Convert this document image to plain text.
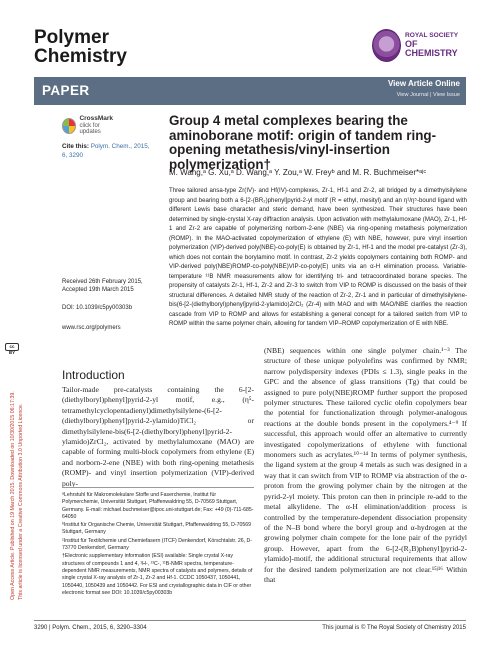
Polymer
Chemistry
ROYAL SOCIETY
OF CHEMISTRY
PAPER	View Article Online
View Journal | View Issue
Open Access Article. Published on 19 March 2015. Downloaded on 10/30/2015 06:17:39. This article is licensed under a Creative Commons Attribution 3.0 Unported Licence.
cc BY
CrossMark
click for updates
Cite this: Polym. Chem., 2015, 6, 3290
Group 4 metal complexes bearing the aminoborane motif: origin of tandem ring-opening metathesis/vinyl-insertion polymerization†
M. Wang,ᵃ G. Xu,ᵃ D. Wang,ᵃ Y. Zou,ᵃ W. Freyᵇ and M. R. Buchmeiser*ᵃʲᶜ
Three tailored ansa-type Zr(IV)- and Hf(IV)-complexes, Zr-1, Hf-1 and Zr-2, all bridged by a dimethylsilylene group and bearing both a 6-[2-(BR₂)phenyl]pyrid-2-yl motif (R = ethyl, mesityl) and an η¹/η⁵-bound ligand with different Lewis base character and steric demand, have been synthesized. Their structures have been determined by single-crystal X-ray diffraction analysis. Upon activation with methylalumoxane (MAO), Zr-1, Hf-1 and Zr-2 are capable of polymerizing norborn-2-ene (NBE) via ring-opening metathesis polymerization (ROMP). In the MAO-activated copolymerization of ethylene (E) with NBE, however, pure vinyl insertion polymerization (VIP)-derived poly(NBE)-co-poly(E) is obtained by Zr-1, Hf-1 and the model pre-catalyst (Zr-3), which does not contain the borylamino motif. In contrast, Zr-2 yields copolymers containing both ROMP- and VIP-derived poly(NBE)ROMP-co-poly(NBE)VIP-co-poly(E) units via an α-H elimination process. Variable-temperature ¹¹B NMR measurements allow for identifying tri- and tetracoordinated borane species. The propensity of catalysts Zr-1, Hf-1, Zr-2 and Zr-3 to switch from VIP to ROMP is discussed on the basis of their structural differences. A detailed NMR study of the reaction of Zr-2, Zr-1 and in particular of dimethylsilylene-bis(6-[2-(diethylboryl)phenyl]pyrid-2-ylamido)ZrCl₂ (Zr-4) with MAO and with MAO/NBE clarifies the reaction cascade from VIP to ROMP and allows for establishing a general concept for a tailored switch from VIP to ROMP within the same polymer chain, allowing for tandem VIP–ROMP copolymerization of E with NBE.
Received 26th February 2015, Accepted 19th March 2015
DOI: 10.1039/c5py00303b
www.rsc.org/polymers
Introduction
Tailor-made pre-catalysts containing the 6-[2-(diethylboryl)phenyl]pyrid-2-yl motif, e.g., (η⁵-tetramethylcyclopentadienyl)dimethylsilylene-(6-[2-(diethylboryl)phenyl]pyrid-2-ylamido)TiCl₂ or dimethylsilylene-bis(6-[2-(diethylboryl)phenyl]pyrid-2-ylamido)ZrCl₂, activated by methylalumoxane (MAO) are capable of forming multi-block copolymers from ethylene (E) and norborn-2-ene (NBE) with both ring-opening metathesis (ROMP)- and vinyl insertion polymerization (VIP)-derived poly-
(NBE) sequences within one single polymer chain.¹⁻³ The structure of these unique polyolefins was confirmed by NMR; narrow polydispersity indexes (PDIs ≤ 1.3), single peaks in the GPC and the absence of glass transitions (Tg) that could be assigned to pure poly(NBE)ROMP further support the proposed polymer structures. These tailored cyclic olefin copolymers bear the potential for functionalization through polymer-analogous reactions at the double bonds present in the copolymers.⁴⁻⁹ If successful, this approach would offer an alternative to currently investigated copolymerizations of ethylene with functional monomers such as acrylates.¹⁰⁻¹⁴ In terms of polymer synthesis, the ligand system at the group 4 metals as such was designed in a way that it can switch from VIP to ROMP via abstraction of the α-proton from the growing polymer chain by the nitrogen at the pyrid-2-yl moiety. This proton can then in principle re-add to the metal alkylidene. The α-H elimination/addition process is controlled by the temperature-dependent dissociation propensity of the N–B bond where the boryl group and α-hydrogen at the growing polymer chain compete for the lone pair of the pyridyl group. However, apart from the 6-[2-(R₂B)phenyl]pyrid-2-ylamido]-motif, the additional structural requirements that allow for the desired tandem polymerization are not clear.¹⁵ʲ¹⁶ Within that

ᵃLehrstuhl für Makromolekulare Stoffe und Faserchemie, Institut für Polymerchemie, Universität Stuttgart, Pfaffenwaldring 55, D-70569 Stuttgart, Germany. E-mail: michael.buchmeiser@ipoc.uni-stuttgart.de; Fax: +49 (0)-711-685-64050

ᵇInstitut für Organische Chemie, Universität Stuttgart, Pfaffenwaldring 55, D-70569 Stuttgart, Germany

ᶜInstitut für Textilchemie und Chemiefasern (ITCF) Denkendorf, Körschtalstr. 26, D-73770 Denkendorf, Germany

†Electronic supplementary information (ESI) available: Single crystal X-ray structures of compounds 1 and 4, ¹H-, ¹³C-, ¹¹B-NMR spectra, temperature-dependent NMR measurements, NMR spectra of catalysts and polymers, details of single crystal X-ray analysis of Zr-1, Zr-2 and Hf-1. CCDC 1050437, 1050441, 1050440, 1050439 and 1050442. For ESI and crystallographic data in CIF or other electronic format see DOI: 10.1039/c5py00303b

3290 | Polym. Chem., 2015, 6, 3290–3304	This journal is © The Royal Society of Chemistry 2015
